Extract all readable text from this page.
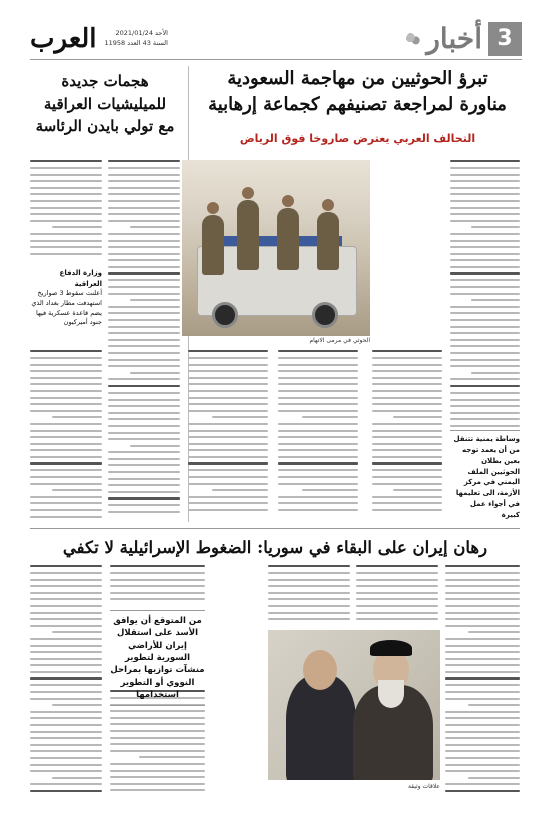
3
أخبار
الأحد 2021/01/24
السنة 43 العدد 11958
العرب
تبرؤ الحوثيين من مهاجمة السعودية
مناورة لمراجعة تصنيفهم كجماعة إرهابية
التحالف العربي يعترض صاروخا فوق الرياض
هجمات جديدة
للميليشيات العراقية
مع تولي بايدن الرئاسة
الحوثي في مرمى الاتهام
وزارة الدفاع العراقية
أعلنت سقوط 3 صواريخ استهدفت مطار بغداد الذي يضم قاعدة عسكرية فيها جنود أميركيون
وساطة يمنية تتنقل من أن يعمد توجه بعين بطلان الحوثيين الملف اليمني في مركز الأزمة، الى تعليمها في أجواء عمل كبيرة
رهان إيران على البقاء في سوريا: الضغوط الإسرائيلية لا تكفي
علاقات وثيقة
من المتوقع أن يوافق الأسد على استقلال إيران للأراضي السورية لتطوير منشآت توازيها بمراحل النووي أو التطوير استخدامها
